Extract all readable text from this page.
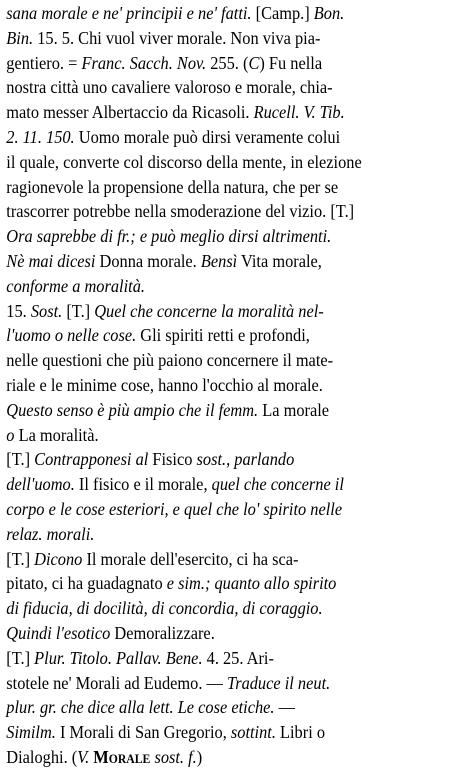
sana morale e ne' principii e ne' fatti. [Camp.] Bon.
Bin. 15. 5. Chi vuol viver morale. Non viva pia-
gentiero. = Franc. Sacch. Nov. 255. (C) Fu nella
nostra città uno cavaliere valoroso e morale, chia-
mato messer Albertaccio da Ricasoli. Rucell. V. Tib.
2. 11. 150. Uomo morale può dirsi veramente colui
il quale, converte col discorso della mente, in elezione
ragionevole la propensione della natura, che per se
trascorrer potrebbe nella smoderazione del vizio. [T.]
Ora saprebbe di fr.; e può meglio dirsi altrimenti.
Nè mai dicesi Donna morale. Bensì Vita morale,
conforme a moralità.
15. Sost. [T.] Quel che concerne la moralità nel-
l'uomo o nelle cose. Gli spiriti retti e profondi,
nelle questioni che più paiono concernere il mate-
riale e le minime cose, hanno l'occhio al morale.
Questo senso è più ampio che il femm. La morale
o La moralità.
[T.] Contrapponesi al Fisico sost., parlando
dell'uomo. Il fisico e il morale, quel che concerne il
corpo e le cose esteriori, e quel che lo' spirito nelle
relaz. morali.
[T.] Dicono Il morale dell'esercito, ci ha sca-
pitato, ci ha guadagnato e sim.; quanto allo spirito
di fiducia, di docilità, di concordia, di coraggio.
Quindi l'esotico Demoralizzare.
[T.] Plur. Titolo. Pallav. Bene. 4. 25. Ari-
stotele ne' Morali ad Eudemo. — Traduce il neut.
plur. gr. che dice alla lett. Le cose etiche. —
Similm. I Morali di San Gregorio, sottint. Libri o
Dialoghi. (V. Morale sost. f.)
